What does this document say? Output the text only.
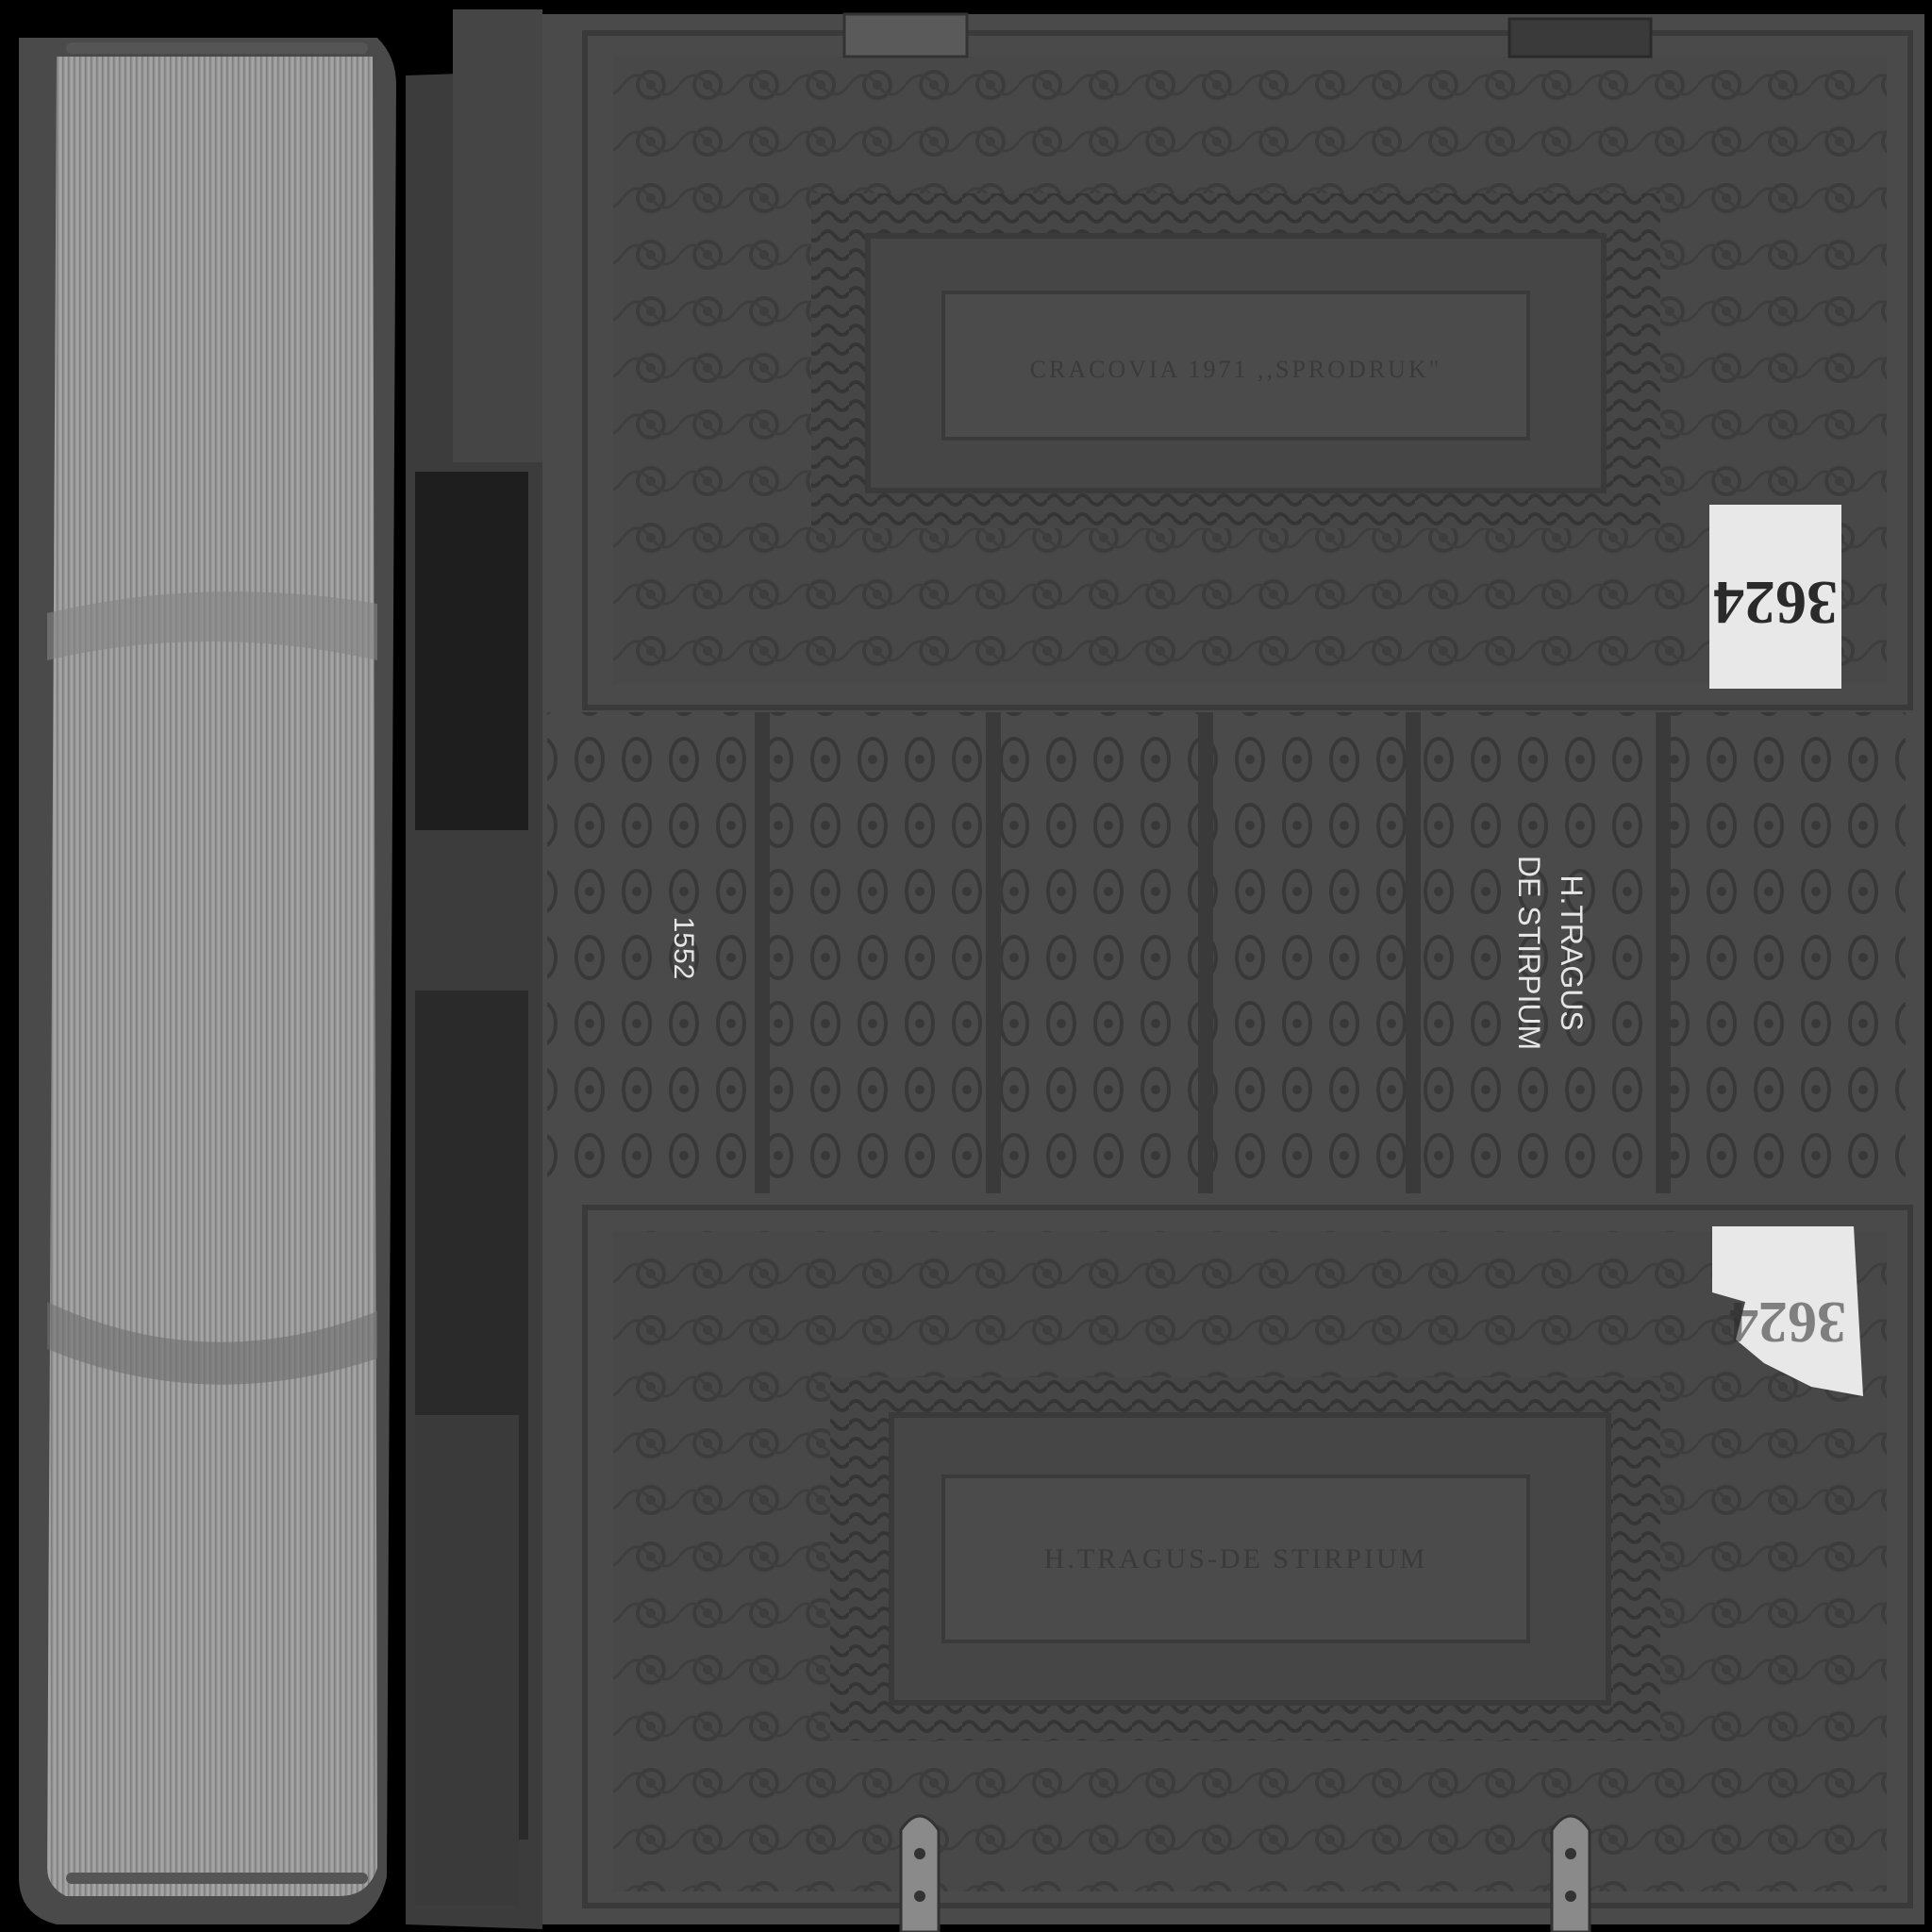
CRACOVIA 1971 ,,SPRODRUK"
3624
1552	H.TRAGUS
DE STIRPIUM
H.TRAGUS-DE STIRPIUM
3624
